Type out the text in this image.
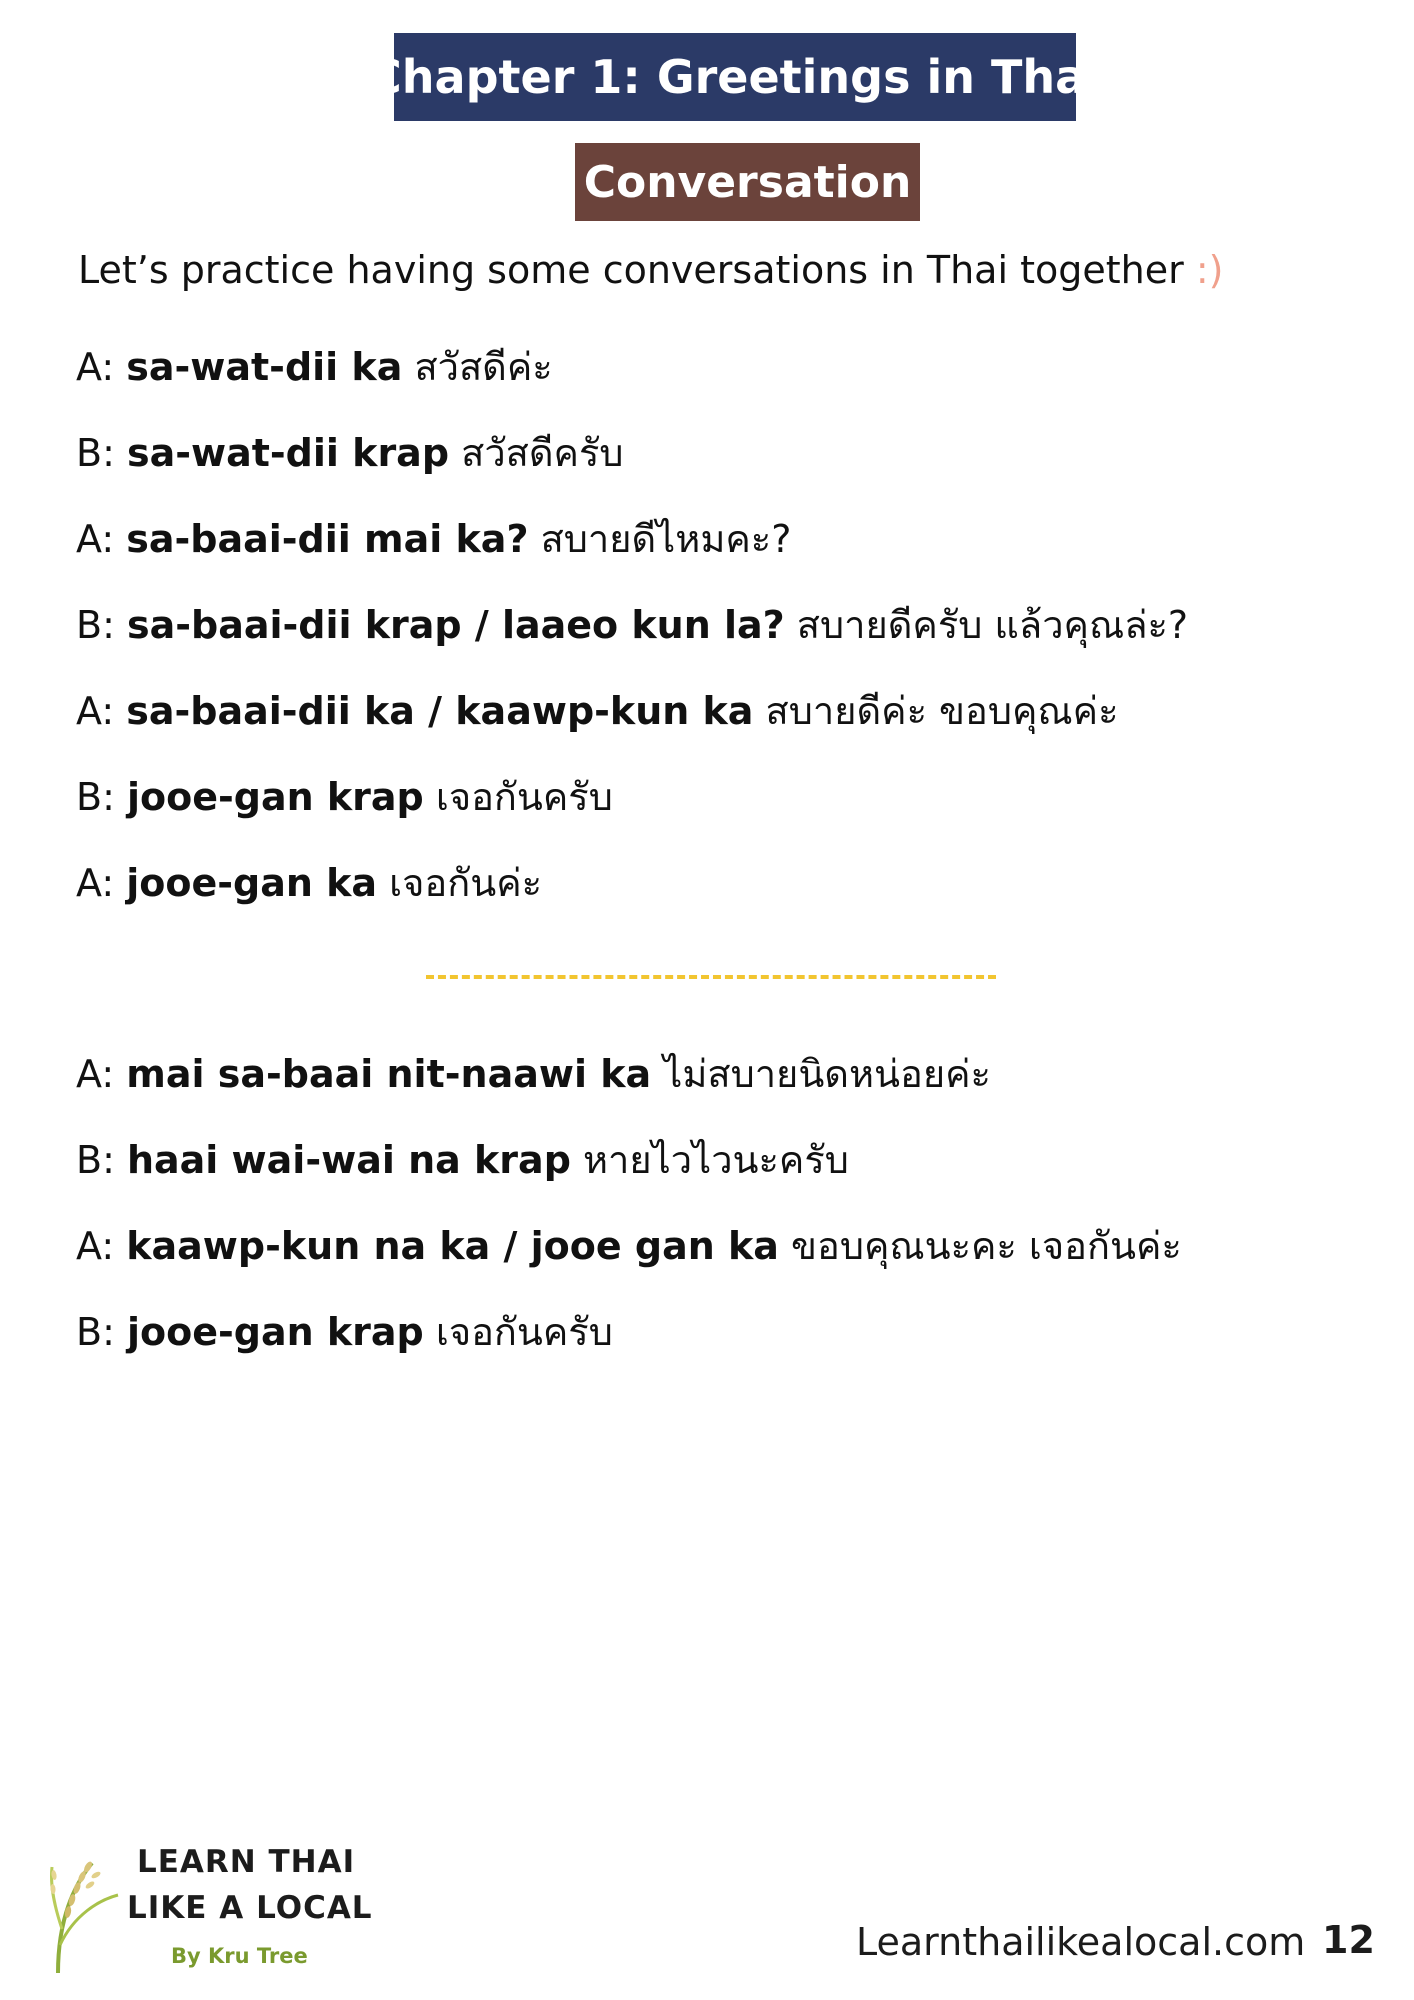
Chapter 1: Greetings in Thai
Conversation
Let’s practice having some conversations in Thai together :)
A: sa-wat-dii ka สวัสดีค่ะ
B: sa-wat-dii krap สวัสดีครับ
A: sa-baai-dii mai ka? สบายดีไหมคะ?
B: sa-baai-dii krap / laaeo kun la? สบายดีครับ แล้วคุณล่ะ?
A: sa-baai-dii ka / kaawp-kun ka สบายดีค่ะ ขอบคุณค่ะ
B: jooe-gan krap เจอกันครับ
A: jooe-gan ka เจอกันค่ะ
A: mai sa-baai nit-naawi ka ไม่สบายนิดหน่อยค่ะ
B: haai wai-wai na krap หายไวไวนะครับ
A: kaawp-kun na ka / jooe gan ka ขอบคุณนะคะ เจอกันค่ะ
B: jooe-gan krap เจอกันครับ
LEARN THAI
LIKE A LOCAL
By Kru Tree	Learnthailikealocal.com 12
